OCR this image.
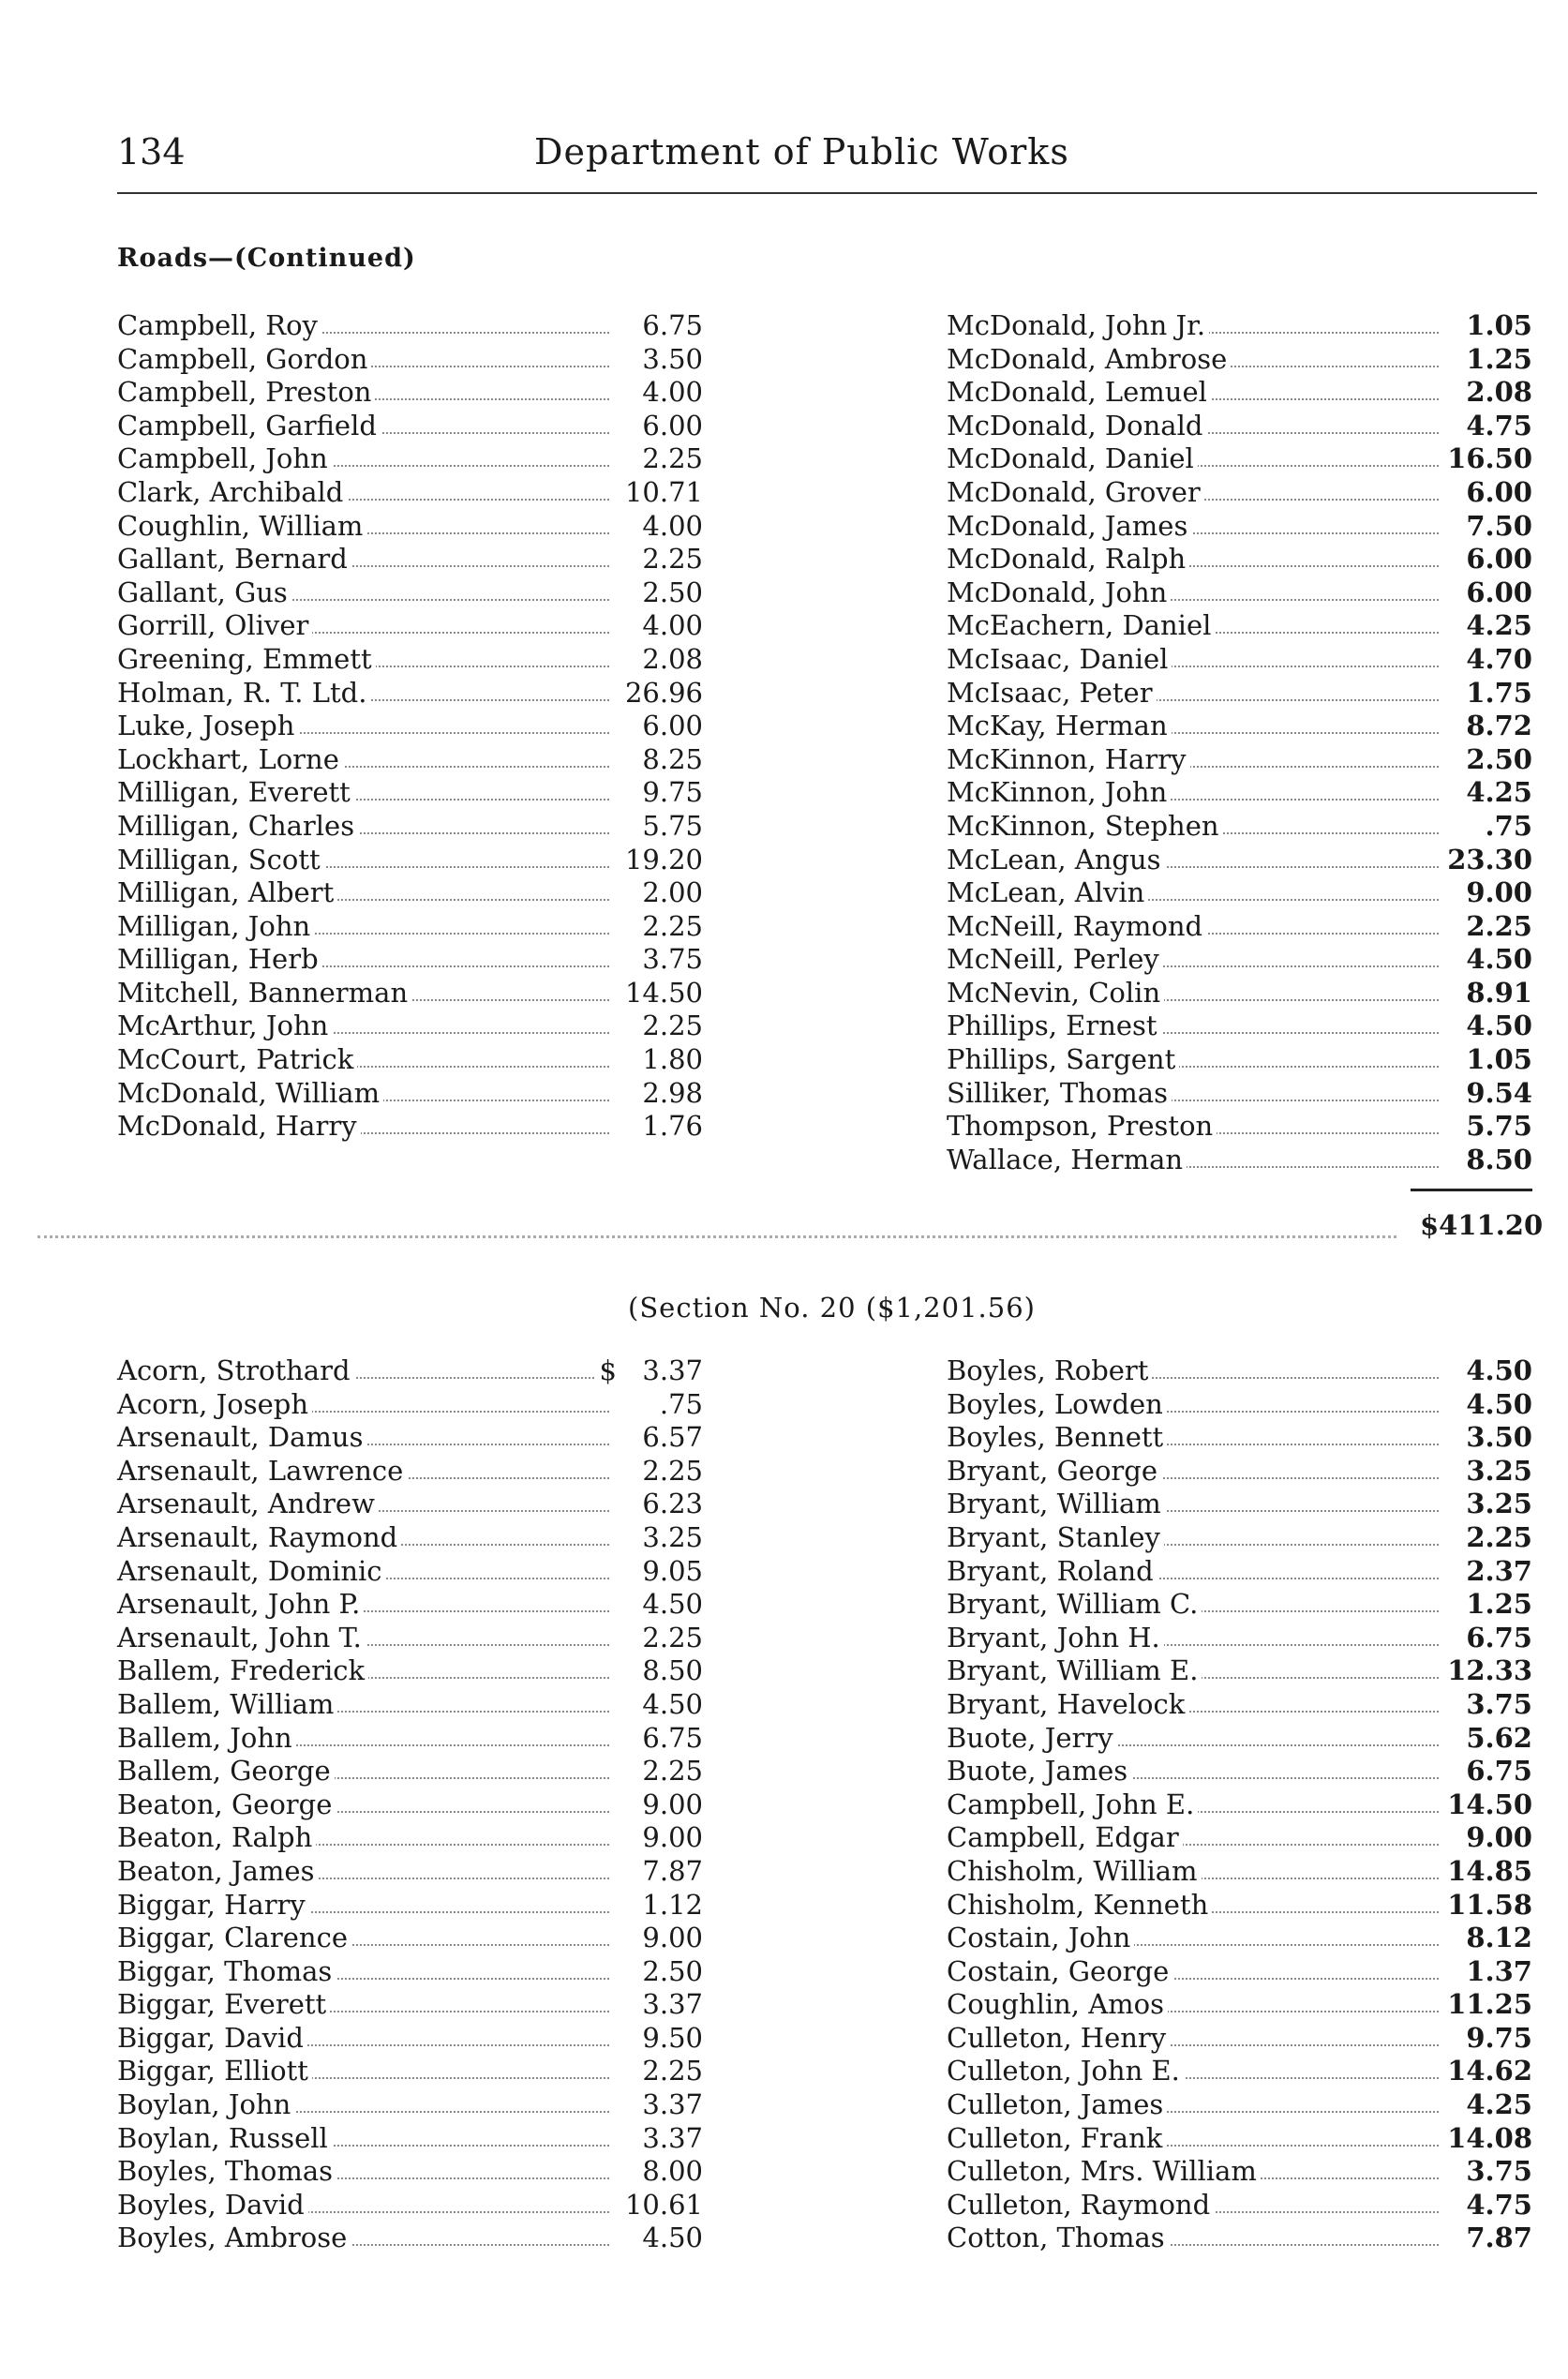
134	Department of Public Works
Roads—(Continued)
Campbell, Roy	6.75
Campbell, Gordon	3.50
Campbell, Preston	4.00
Campbell, Garfield	6.00
Campbell, John	2.25
Clark, Archibald	10.71
Coughlin, William	4.00
Gallant, Bernard	2.25
Gallant, Gus	2.50
Gorrill, Oliver	4.00
Greening, Emmett	2.08
Holman, R. T. Ltd.	26.96
Luke, Joseph	6.00
Lockhart, Lorne	8.25
Milligan, Everett	9.75
Milligan, Charles	5.75
Milligan, Scott	19.20
Milligan, Albert	2.00
Milligan, John	2.25
Milligan, Herb	3.75
Mitchell, Bannerman	14.50
McArthur, John	2.25
McCourt, Patrick	1.80
McDonald, William	2.98
McDonald, Harry	1.76
McDonald, John Jr.	1.05
McDonald, Ambrose	1.25
McDonald, Lemuel	2.08
McDonald, Donald	4.75
McDonald, Daniel	16.50
McDonald, Grover	6.00
McDonald, James	7.50
McDonald, Ralph	6.00
McDonald, John	6.00
McEachern, Daniel	4.25
McIsaac, Daniel	4.70
McIsaac, Peter	1.75
McKay, Herman	8.72
McKinnon, Harry	2.50
McKinnon, John	4.25
McKinnon, Stephen	.75
McLean, Angus	23.30
McLean, Alvin	9.00
McNeill, Raymond	2.25
McNeill, Perley	4.50
McNevin, Colin	8.91
Phillips, Ernest	4.50
Phillips, Sargent	1.05
Silliker, Thomas	9.54
Thompson, Preston	5.75
Wallace, Herman	8.50
$411.20
(Section No. 20 ($1,201.56)
Acorn, Strothard	$ 3.37
Acorn, Joseph	.75
Arsenault, Damus	6.57
Arsenault, Lawrence	2.25
Arsenault, Andrew	6.23
Arsenault, Raymond	3.25
Arsenault, Dominic	9.05
Arsenault, John P.	4.50
Arsenault, John T.	2.25
Ballem, Frederick	8.50
Ballem, William	4.50
Ballem, John	6.75
Ballem, George	2.25
Beaton, George	9.00
Beaton, Ralph	9.00
Beaton, James	7.87
Biggar, Harry	1.12
Biggar, Clarence	9.00
Biggar, Thomas	2.50
Biggar, Everett	3.37
Biggar, David	9.50
Biggar, Elliott	2.25
Boylan, John	3.37
Boylan, Russell	3.37
Boyles, Thomas	8.00
Boyles, David	10.61
Boyles, Ambrose	4.50
Boyles, Robert	4.50
Boyles, Lowden	4.50
Boyles, Bennett	3.50
Bryant, George	3.25
Bryant, William	3.25
Bryant, Stanley	2.25
Bryant, Roland	2.37
Bryant, William C.	1.25
Bryant, John H.	6.75
Bryant, William E.	12.33
Bryant, Havelock	3.75
Buote, Jerry	5.62
Buote, James	6.75
Campbell, John E.	14.50
Campbell, Edgar	9.00
Chisholm, William	14.85
Chisholm, Kenneth	11.58
Costain, John	8.12
Costain, George	1.37
Coughlin, Amos	11.25
Culleton, Henry	9.75
Culleton, John E.	14.62
Culleton, James	4.25
Culleton, Frank	14.08
Culleton, Mrs. William	3.75
Culleton, Raymond	4.75
Cotton, Thomas	7.87
